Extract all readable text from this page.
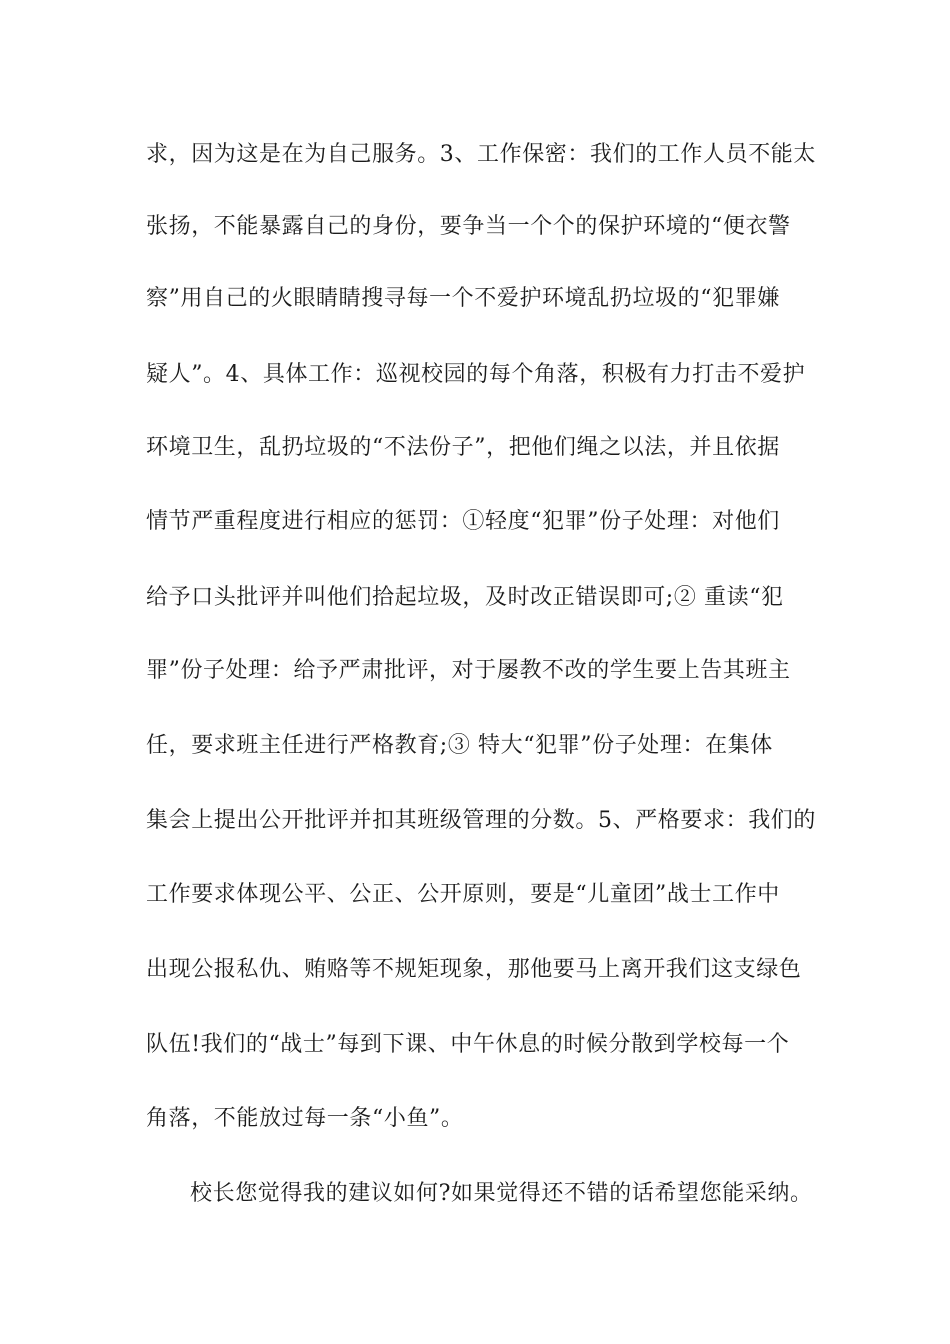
求，因为这是在为自己服务。3、工作保密：我们的工作人员不能太
张扬，不能暴露自己的身份，要争当一个个的保护环境的“便衣警
察”用自己的火眼睛睛搜寻每一个不爱护环境乱扔垃圾的“犯罪嫌
疑人”。4、具体工作：巡视校园的每个角落，积极有力打击不爱护
环境卫生，乱扔垃圾的“不法份子”，把他们绳之以法，并且依据
情节严重程度进行相应的惩罚：①轻度“犯罪”份子处理：对他们
给予口头批评并叫他们拾起垃圾，及时改正错误即可;② 重读“犯
罪”份子处理：给予严肃批评，对于屡教不改的学生要上告其班主
任，要求班主任进行严格教育;③ 特大“犯罪”份子处理：在集体
集会上提出公开批评并扣其班级管理的分数。5、严格要求：我们的
工作要求体现公平、公正、公开原则，要是“儿童团”战士工作中
出现公报私仇、贿赂等不规矩现象，那他要马上离开我们这支绿色
队伍!我们的“战士”每到下课、中午休息的时候分散到学校每一个
角落，不能放过每一条“小鱼”。
校长您觉得我的建议如何?如果觉得还不错的话希望您能采纳。
